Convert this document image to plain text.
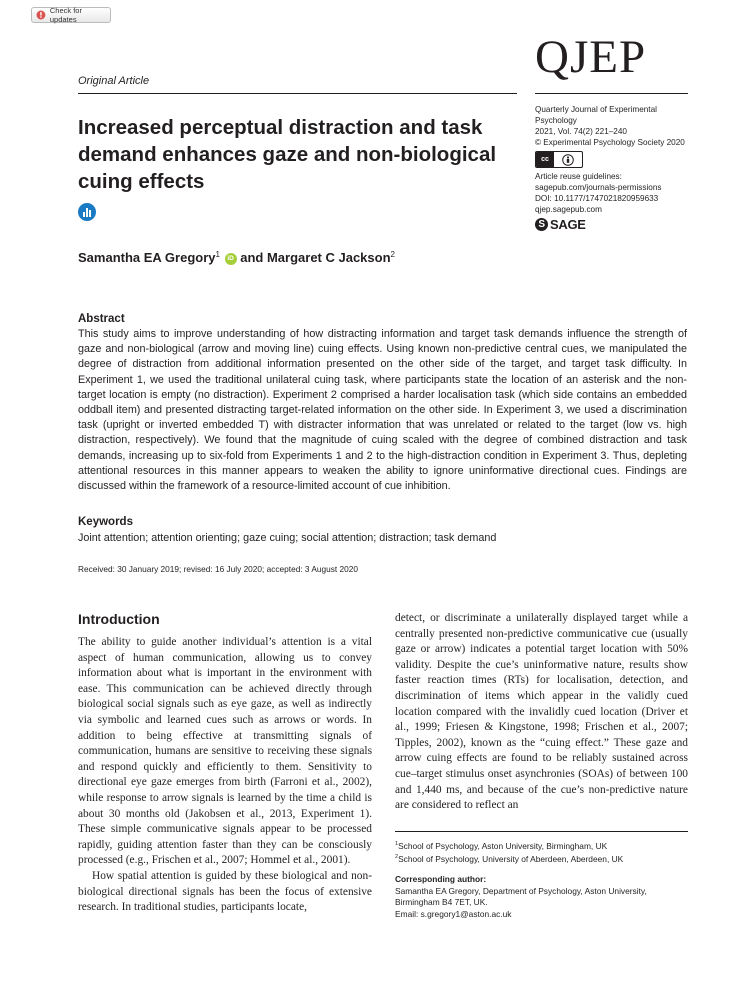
Check for updates
Original Article	QJEP
Quarterly Journal of Experimental
Psychology
2021, Vol. 74(2) 221–240
© Experimental Psychology Society 2020
cc
Article reuse guidelines:
sagepub.com/journals-permissions
DOI: 10.1177/1747021820959633
qjep.sagepub.com
S SAGE
Increased perceptual distraction and task demand enhances gaze and non-biological cuing effects
Samantha EA Gregory$^1$ iD and Margaret C Jackson$^2$
Abstract
This study aims to improve understanding of how distracting information and target task demands influence the strength of gaze and non-biological (arrow and moving line) cuing effects. Using known non-predictive central cues, we manipulated the degree of distraction from additional information presented on the other side of the target, and target task difficulty. In Experiment 1, we used the traditional unilateral cuing task, where participants state the location of an asterisk and the non-target location is empty (no distraction). Experiment 2 comprised a harder localisation task (which side contains an embedded oddball item) and presented distracting target-related information on the other side. In Experiment 3, we used a discrimination task (upright or inverted embedded T) with distracter information that was unrelated or related to the target (low vs. high distraction, respectively). We found that the magnitude of cuing scaled with the degree of combined distraction and task demands, increasing up to six-fold from Experiments 1 and 2 to the high-distraction condition in Experiment 3. Thus, depleting attentional resources in this manner appears to weaken the ability to ignore uninformative directional cues. Findings are discussed within the framework of a resource-limited account of cue inhibition.
Keywords
Joint attention; attention orienting; gaze cuing; social attention; distraction; task demand
Received: 30 January 2019; revised: 16 July 2020; accepted: 3 August 2020
Introduction

The ability to guide another individual’s attention is a vital aspect of human communication, allowing us to convey information about what is important in the environment with ease. This communication can be achieved directly through biological social signals such as eye gaze, as well as indirectly via symbolic and learned cues such as arrows or words. In addition to being effective at transmitting signals of communication, humans are sensitive to receiving these signals and respond quickly and efficiently to them. Sensitivity to directional eye gaze emerges from birth (Farroni et al., 2002), while response to arrow signals is learned by the time a child is about 30 months old (Jakobsen et al., 2013, Experiment 1). These simple communicative signals appear to be processed rapidly, guiding attention faster than they can be consciously processed (e.g., Frischen et al., 2007; Hommel et al., 2001).

How spatial attention is guided by these biological and non-biological directional signals has been the focus of extensive research. In traditional studies, participants locate,

detect, or discriminate a unilaterally displayed target while a centrally presented non-predictive communicative cue (usually gaze or arrow) indicates a potential target location with 50% validity. Despite the cue’s uninformative nature, results show faster reaction times (RTs) for localisation, detection, and discrimination of items which appear in the validly cued location compared with the invalidly cued location (Driver et al., 1999; Friesen & Kingstone, 1998; Frischen et al., 2007; Tipples, 2002), known as the “cuing effect.” These gaze and arrow cuing effects are found to be reliably sustained across cue–target stimulus onset asynchronies (SOAs) of between 100 and 1,440 ms, and because of the cue’s non-predictive nature are considered to reflect an

$^1$School of Psychology, Aston University, Birmingham, UK
$^2$School of Psychology, University of Aberdeen, Aberdeen, UK
Corresponding author:
Samantha EA Gregory, Department of Psychology, Aston University,
Birmingham B4 7ET, UK.
Email: s.gregory1@aston.ac.uk
